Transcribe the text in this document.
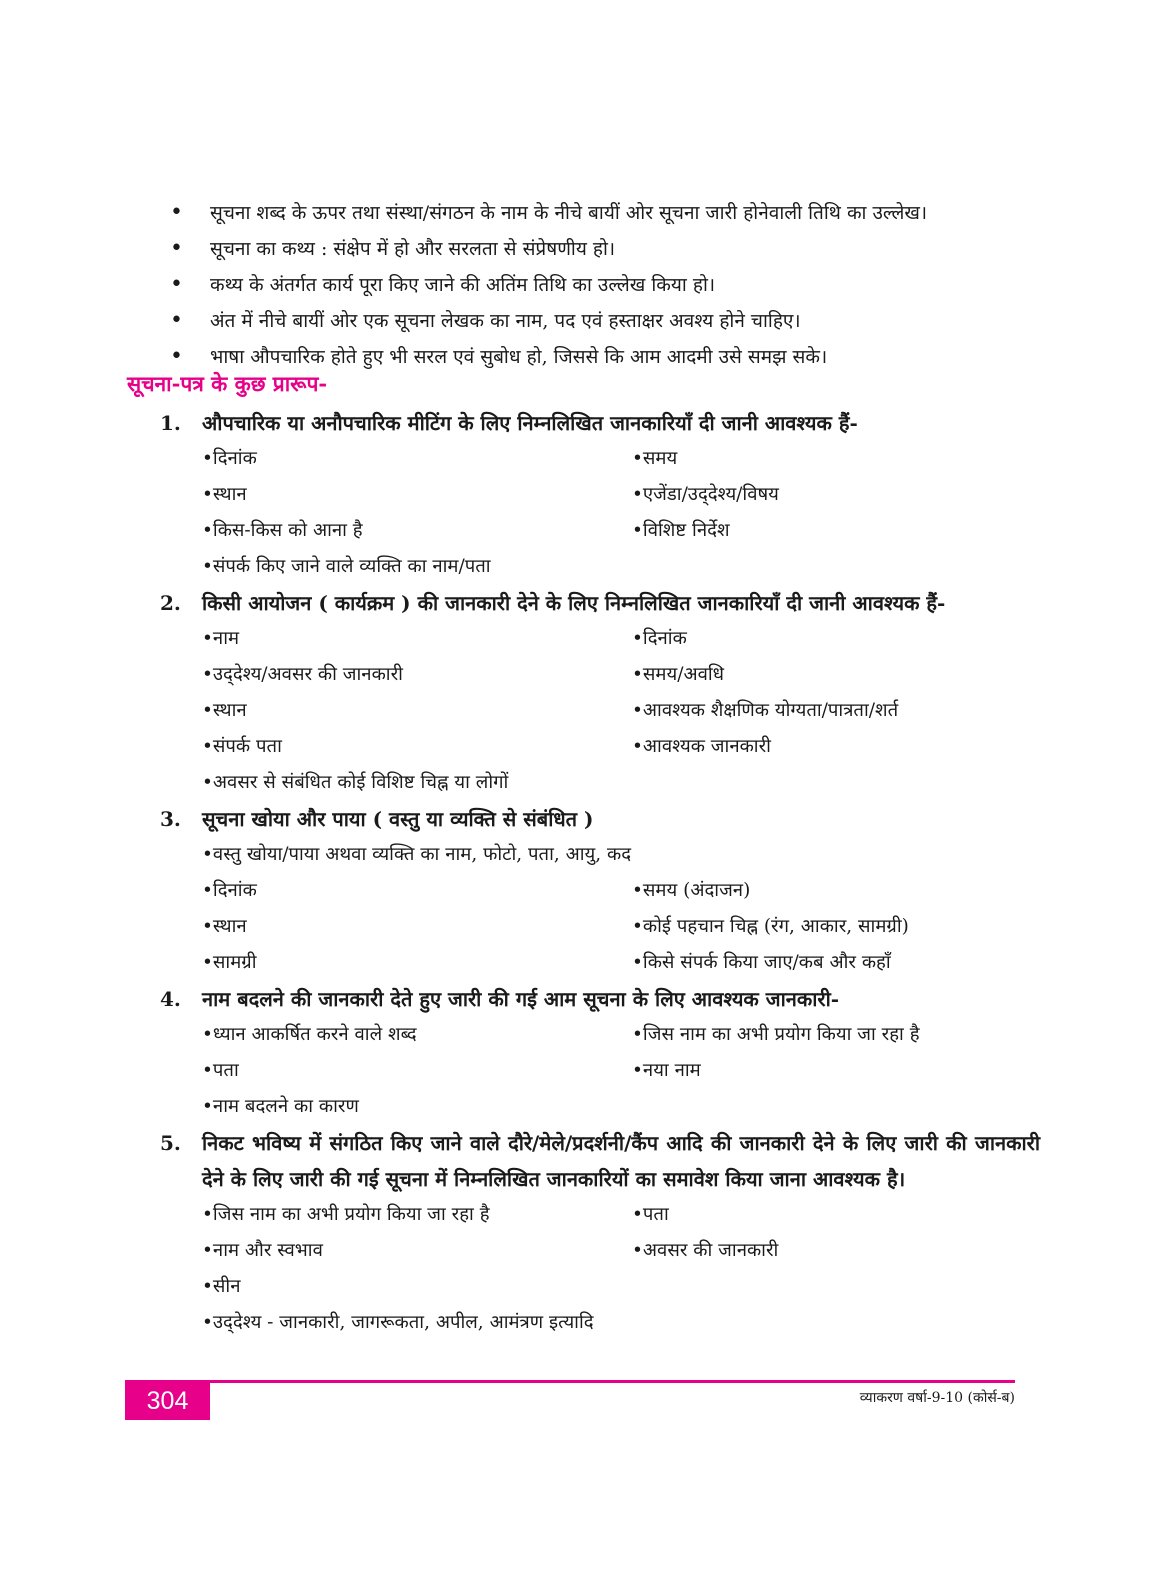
• सूचना शब्द के ऊपर तथा संस्था/संगठन के नाम के नीचे बायीं ओर सूचना जारी होनेवाली तिथि का उल्लेख।
• सूचना का कथ्य : संक्षेप में हो और सरलता से संप्रेषणीय हो।
• कथ्य के अंतर्गत कार्य पूरा किए जाने की अतिंम तिथि का उल्लेख किया हो।
• अंत में नीचे बायीं ओर एक सूचना लेखक का नाम, पद एवं हस्ताक्षर अवश्य होने चाहिए।
• भाषा औपचारिक होते हुए भी सरल एवं सुबोध हो, जिससे कि आम आदमी उसे समझ सके।
सूचना-पत्र के कुछ प्रारूप-
1. औपचारिक या अनौपचारिक मीटिंग के लिए निम्नलिखित जानकारियाँ दी जानी आवश्यक हैं-
• दिनांक	• समय
• स्थान	• एजेंडा/उद्‌देश्य/विषय
• किस-किस को आना है	• विशिष्ट निर्देश
• संपर्क किए जाने वाले व्यक्ति का नाम/पता
2. किसी आयोजन ( कार्यक्रम ) की जानकारी देने के लिए निम्नलिखित जानकारियाँ दी जानी आवश्यक हैं-
• नाम	• दिनांक
• उद्‌देश्य/अवसर की जानकारी	• समय/अवधि
• स्थान	• आवश्यक शैक्षणिक योग्यता/पात्रता/शर्त
• संपर्क पता	• आवश्यक जानकारी
• अवसर से संबंधित कोई विशिष्ट चिह्न या लोगों
3. सूचना खोया और पाया ( वस्तु या व्यक्ति से संबंधित )
• वस्तु खोया/पाया अथवा व्यक्ति का नाम, फोटो, पता, आयु, कद
• दिनांक	• समय (अंदाजन)
• स्थान	• कोई पहचान चिह्न (रंग, आकार, सामग्री)
• सामग्री	• किसे संपर्क किया जाए/कब और कहाँ
4. नाम बदलने की जानकारी देते हुए जारी की गई आम सूचना के लिए आवश्यक जानकारी-
• ध्यान आकर्षित करने वाले शब्द	• जिस नाम का अभी प्रयोग किया जा रहा है
• पता	• नया नाम
• नाम बदलने का कारण
5. निकट भविष्य में संगठित किए जाने वाले दौरे/मेले/प्रदर्शनी/कैंप आदि की जानकारी देने के लिए जारी की जानकारी देने के लिए जारी की गई सूचना में निम्नलिखित जानकारियों का समावेश किया जाना आवश्यक है।
• जिस नाम का अभी प्रयोग किया जा रहा है	• पता
• नाम और स्वभाव	• अवसर की जानकारी
• सीन
• उद्‌देश्य - जानकारी, जागरूकता, अपील, आमंत्रण इत्यादि
304	व्याकरण वर्षा-9-10 (कोर्स-ब)
